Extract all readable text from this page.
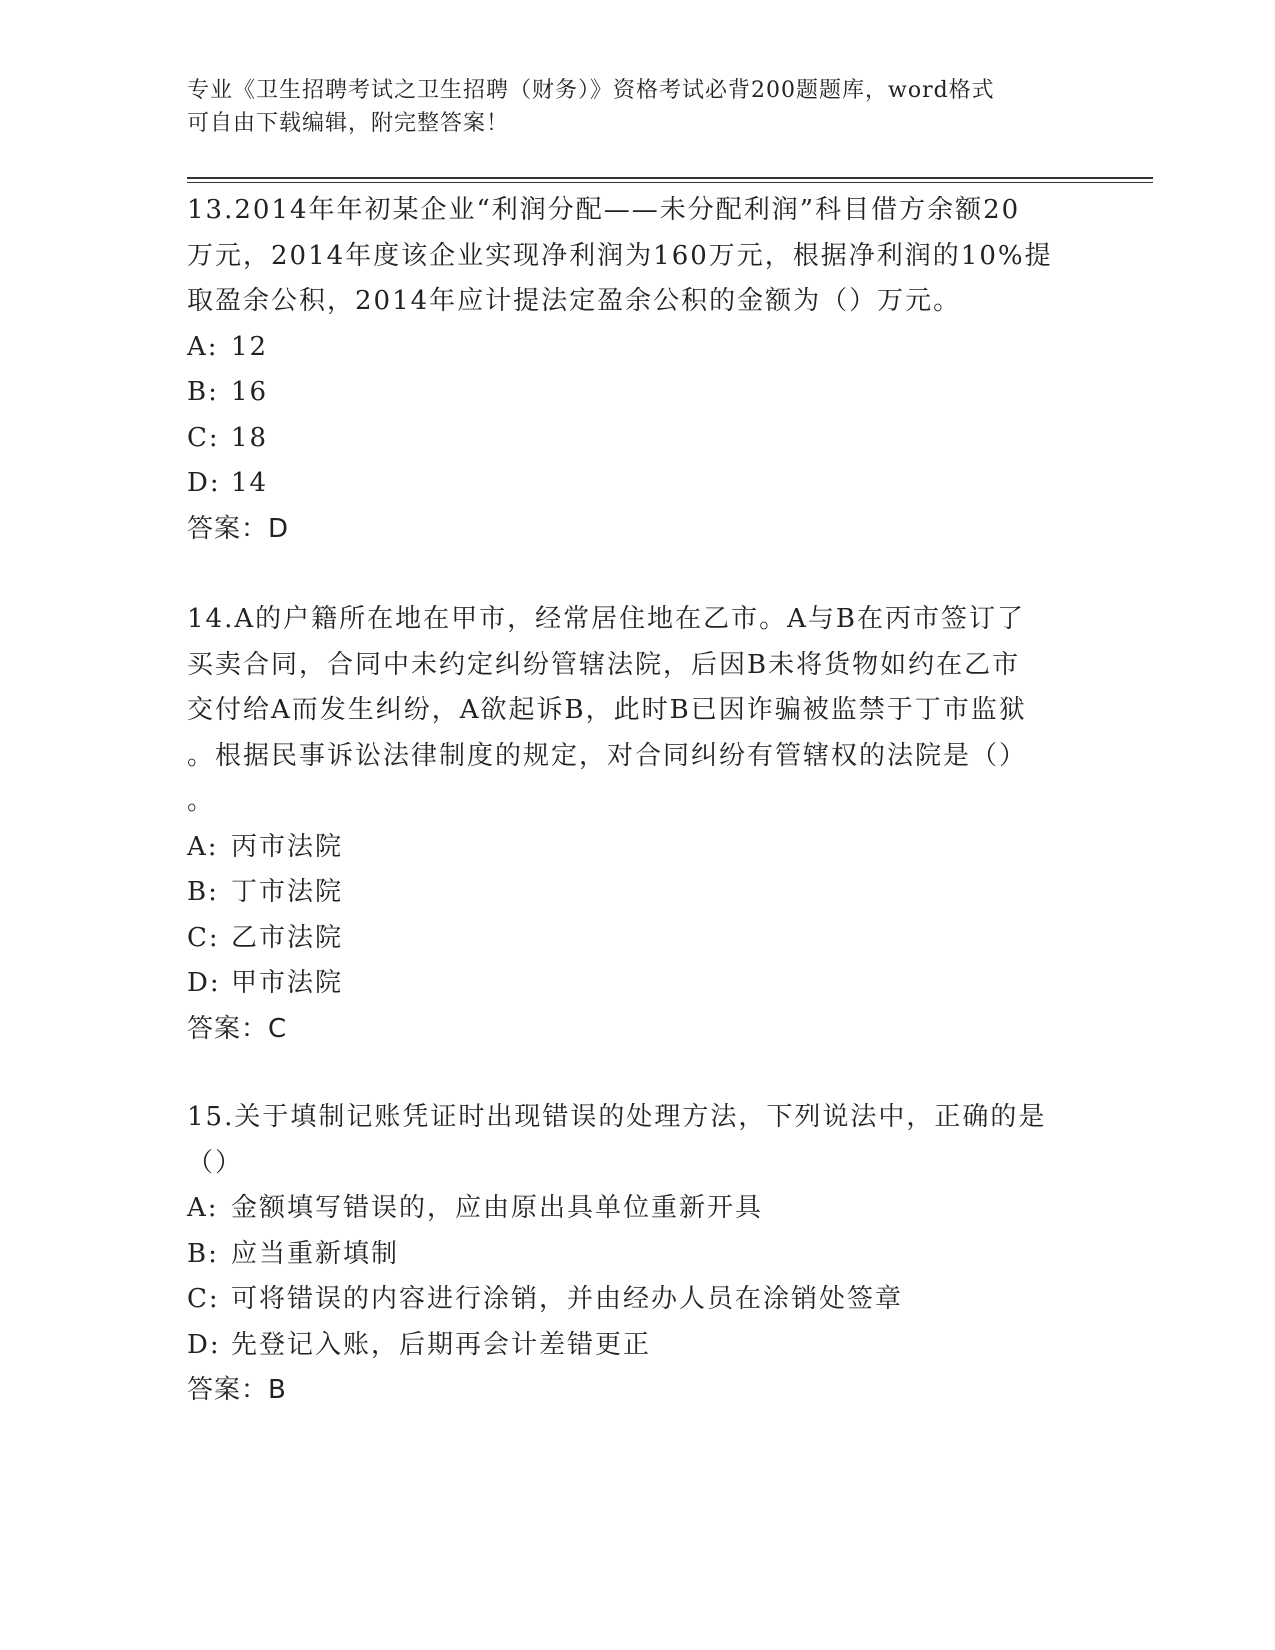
专业《卫生招聘考试之卫生招聘（财务）》资格考试必背200题题库，word格式
可自由下载编辑，附完整答案！

13.2014年年初某企业“利润分配——未分配利润”科目借方余额20

万元，2014年度该企业实现净利润为160万元，根据净利润的10%提

取盈余公积，2014年应计提法定盈余公积的金额为（）万元。

A: 12

B: 16

C: 18

D: 14

答案：D

14.A的户籍所在地在甲市，经常居住地在乙市。A与B在丙市签订了

买卖合同，合同中未约定纠纷管辖法院，后因B未将货物如约在乙市

交付给A而发生纠纷，A欲起诉B，此时B已因诈骗被监禁于丁市监狱

。根据民事诉讼法律制度的规定，对合同纠纷有管辖权的法院是（）

。

A: 丙市法院

B: 丁市法院

C: 乙市法院

D: 甲市法院

答案：C

15.关于填制记账凭证时出现错误的处理方法，下列说法中，正确的是

（）

A: 金额填写错误的，应由原出具单位重新开具

B: 应当重新填制

C: 可将错误的内容进行涂销，并由经办人员在涂销处签章

D: 先登记入账，后期再会计差错更正

答案：B
